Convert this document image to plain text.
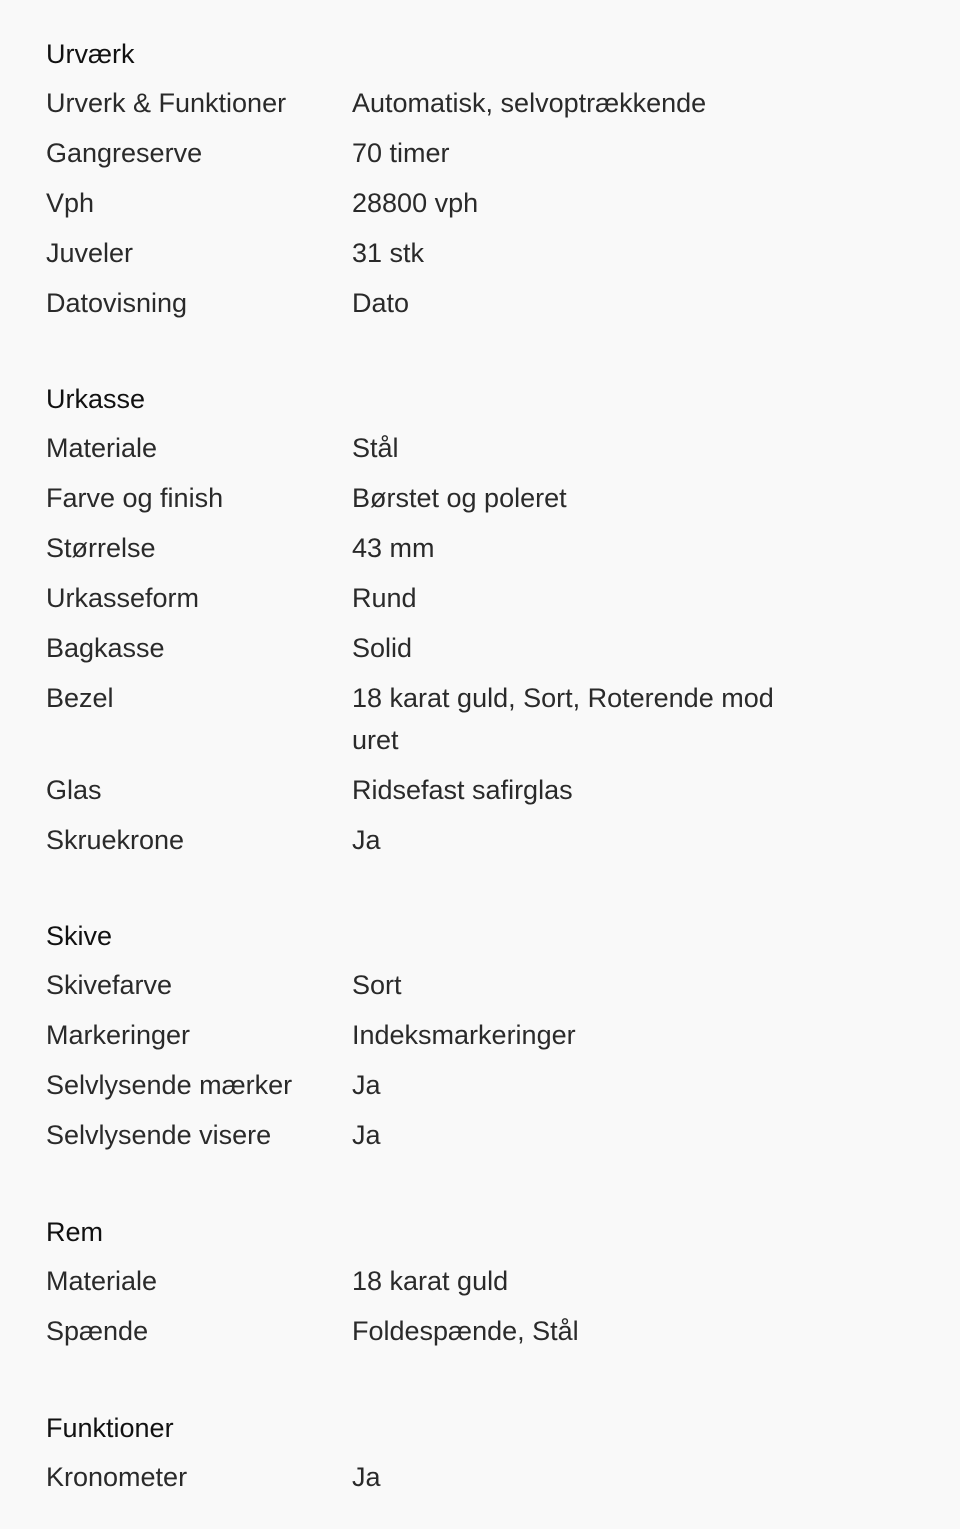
Urværk
Urverk & Funktioner	Automatisk, selvoptrækkende
Gangreserve	70 timer
Vph	28800 vph
Juveler	31 stk
Datovisning	Dato
Urkasse
Materiale	Stål
Farve og finish	Børstet og poleret
Størrelse	43 mm
Urkasseform	Rund
Bagkasse	Solid
Bezel	18 karat guld, Sort, Roterende mod uret
Glas	Ridsefast safirglas
Skruekrone	Ja
Skive
Skivefarve	Sort
Markeringer	Indeksmarkeringer
Selvlysende mærker	Ja
Selvlysende visere	Ja
Rem
Materiale	18 karat guld
Spænde	Foldespænde, Stål
Funktioner
Kronometer	Ja
